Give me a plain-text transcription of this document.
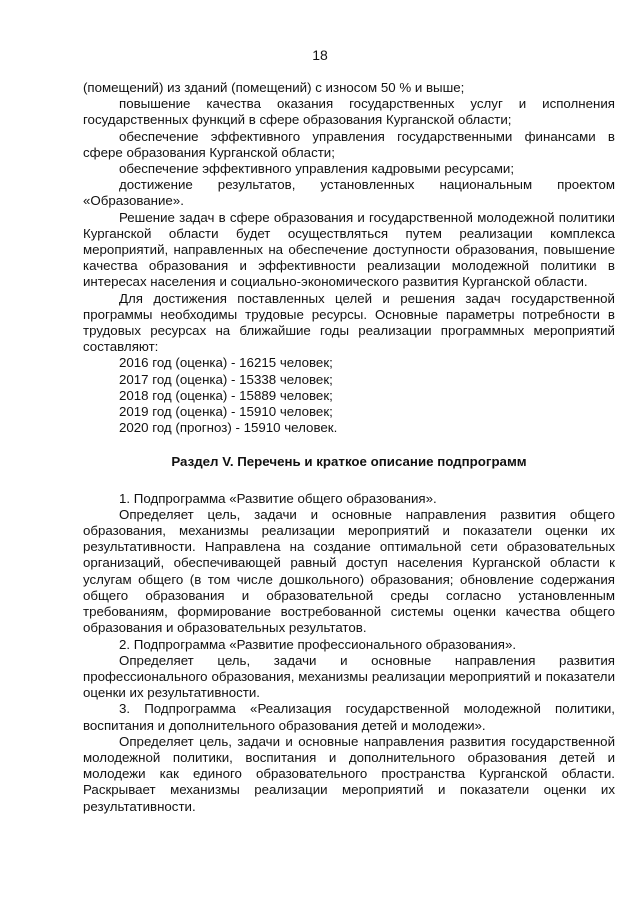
18

(помещений) из зданий (помещений) с износом 50 % и выше;

повышение качества оказания государственных услуг и исполнения государственных функций в сфере образования Курганской области;

обеспечение эффективного управления государственными финансами в сфере образования Курганской области;

обеспечение эффективного управления кадровыми ресурсами;

достижение результатов, установленных национальным проектом «Образование».

Решение задач в сфере образования и государственной молодежной политики Курганской области будет осуществляться путем реализации комплекса мероприятий, направленных на обеспечение доступности образования, повышение качества образования и эффективности реализации молодежной политики в интересах населения и социально-экономического развития Курганской области.

Для достижения поставленных целей и решения задач государственной программы необходимы трудовые ресурсы. Основные параметры потребности в трудовых ресурсах на ближайшие годы реализации программных мероприятий составляют:

2016 год (оценка) - 16215 человек;
2017 год (оценка) - 15338 человек;
2018 год (оценка) - 15889 человек;
2019 год (оценка) - 15910 человек;
2020 год (прогноз) - 15910 человек.
Раздел V. Перечень и краткое описание подпрограмм

1. Подпрограмма «Развитие общего образования».

Определяет цель, задачи и основные направления развития общего образования, механизмы реализации мероприятий и показатели оценки их результативности. Направлена на создание оптимальной сети образовательных организаций, обеспечивающей равный доступ населения Курганской области к услугам общего (в том числе дошкольного) образования; обновление содержания общего образования и образовательной среды согласно установленным требованиям, формирование востребованной системы оценки качества общего образования и образовательных результатов.

2. Подпрограмма «Развитие профессионального образования».

Определяет цель, задачи и основные направления развития профессионального образования, механизмы реализации мероприятий и показатели оценки их результативности.

3. Подпрограмма «Реализация государственной молодежной политики, воспитания и дополнительного образования детей и молодежи».

Определяет цель, задачи и основные направления развития государственной молодежной политики, воспитания и дополнительного образования детей и молодежи как единого образовательного пространства Курганской области. Раскрывает механизмы реализации мероприятий и показатели оценки их результативности.
